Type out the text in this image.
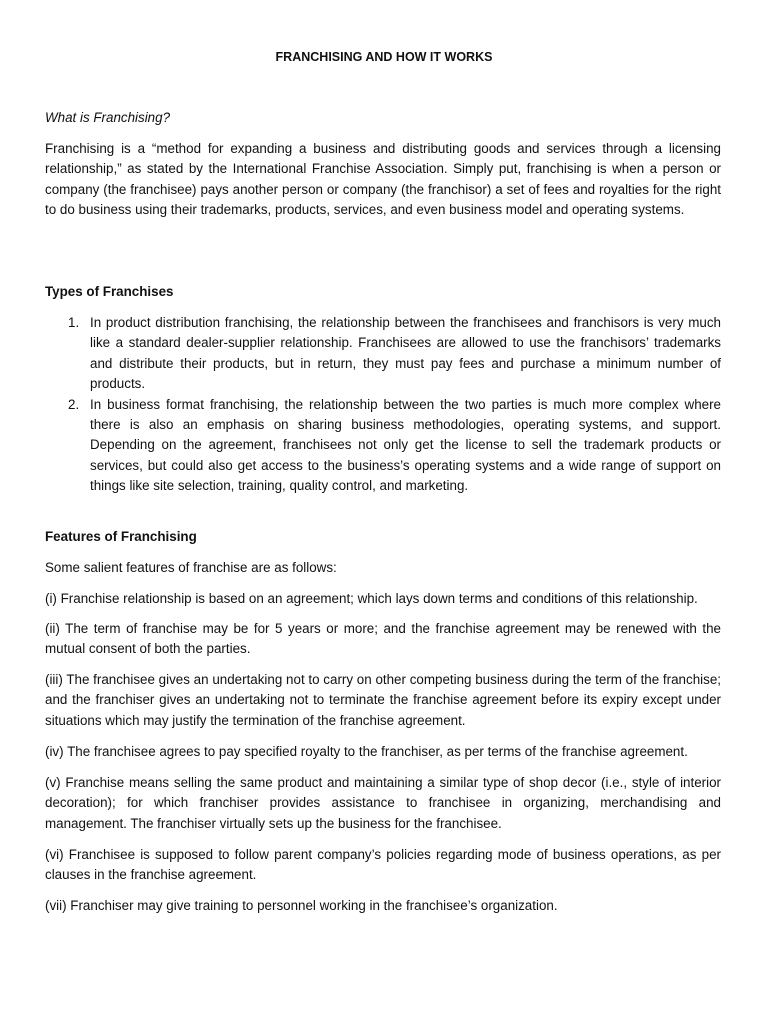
FRANCHISING AND HOW IT WORKS

What is Franchising?

Franchising is a “method for expanding a business and distributing goods and services through a licensing relationship,” as stated by the International Franchise Association. Simply put, franchising is when a person or company (the franchisee) pays another person or company (the franchisor) a set of fees and royalties for the right to do business using their trademarks, products, services, and even business model and operating systems.

Types of Franchises

1. In product distribution franchising, the relationship between the franchisees and franchisors is very much like a standard dealer-supplier relationship. Franchisees are allowed to use the franchisors’ trademarks and distribute their products, but in return, they must pay fees and purchase a minimum number of products.
2. In business format franchising, the relationship between the two parties is much more complex where there is also an emphasis on sharing business methodologies, operating systems, and support. Depending on the agreement, franchisees not only get the license to sell the trademark products or services, but could also get access to the business’s operating systems and a wide range of support on things like site selection, training, quality control, and marketing.

Features of Franchising

Some salient features of franchise are as follows:

(i) Franchise relationship is based on an agreement; which lays down terms and conditions of this relationship.

(ii) The term of franchise may be for 5 years or more; and the franchise agreement may be renewed with the mutual consent of both the parties.

(iii) The franchisee gives an undertaking not to carry on other competing business during the term of the franchise; and the franchiser gives an undertaking not to terminate the franchise agreement before its expiry except under situations which may justify the termination of the franchise agreement.

(iv) The franchisee agrees to pay specified royalty to the franchiser, as per terms of the franchise agreement.

(v) Franchise means selling the same product and maintaining a similar type of shop decor (i.e., style of interior decoration); for which franchiser provides assistance to franchisee in organizing, merchandising and management. The franchiser virtually sets up the business for the franchisee.

(vi) Franchisee is supposed to follow parent company’s policies regarding mode of business operations, as per clauses in the franchise agreement.

(vii) Franchiser may give training to personnel working in the franchisee’s organization.
